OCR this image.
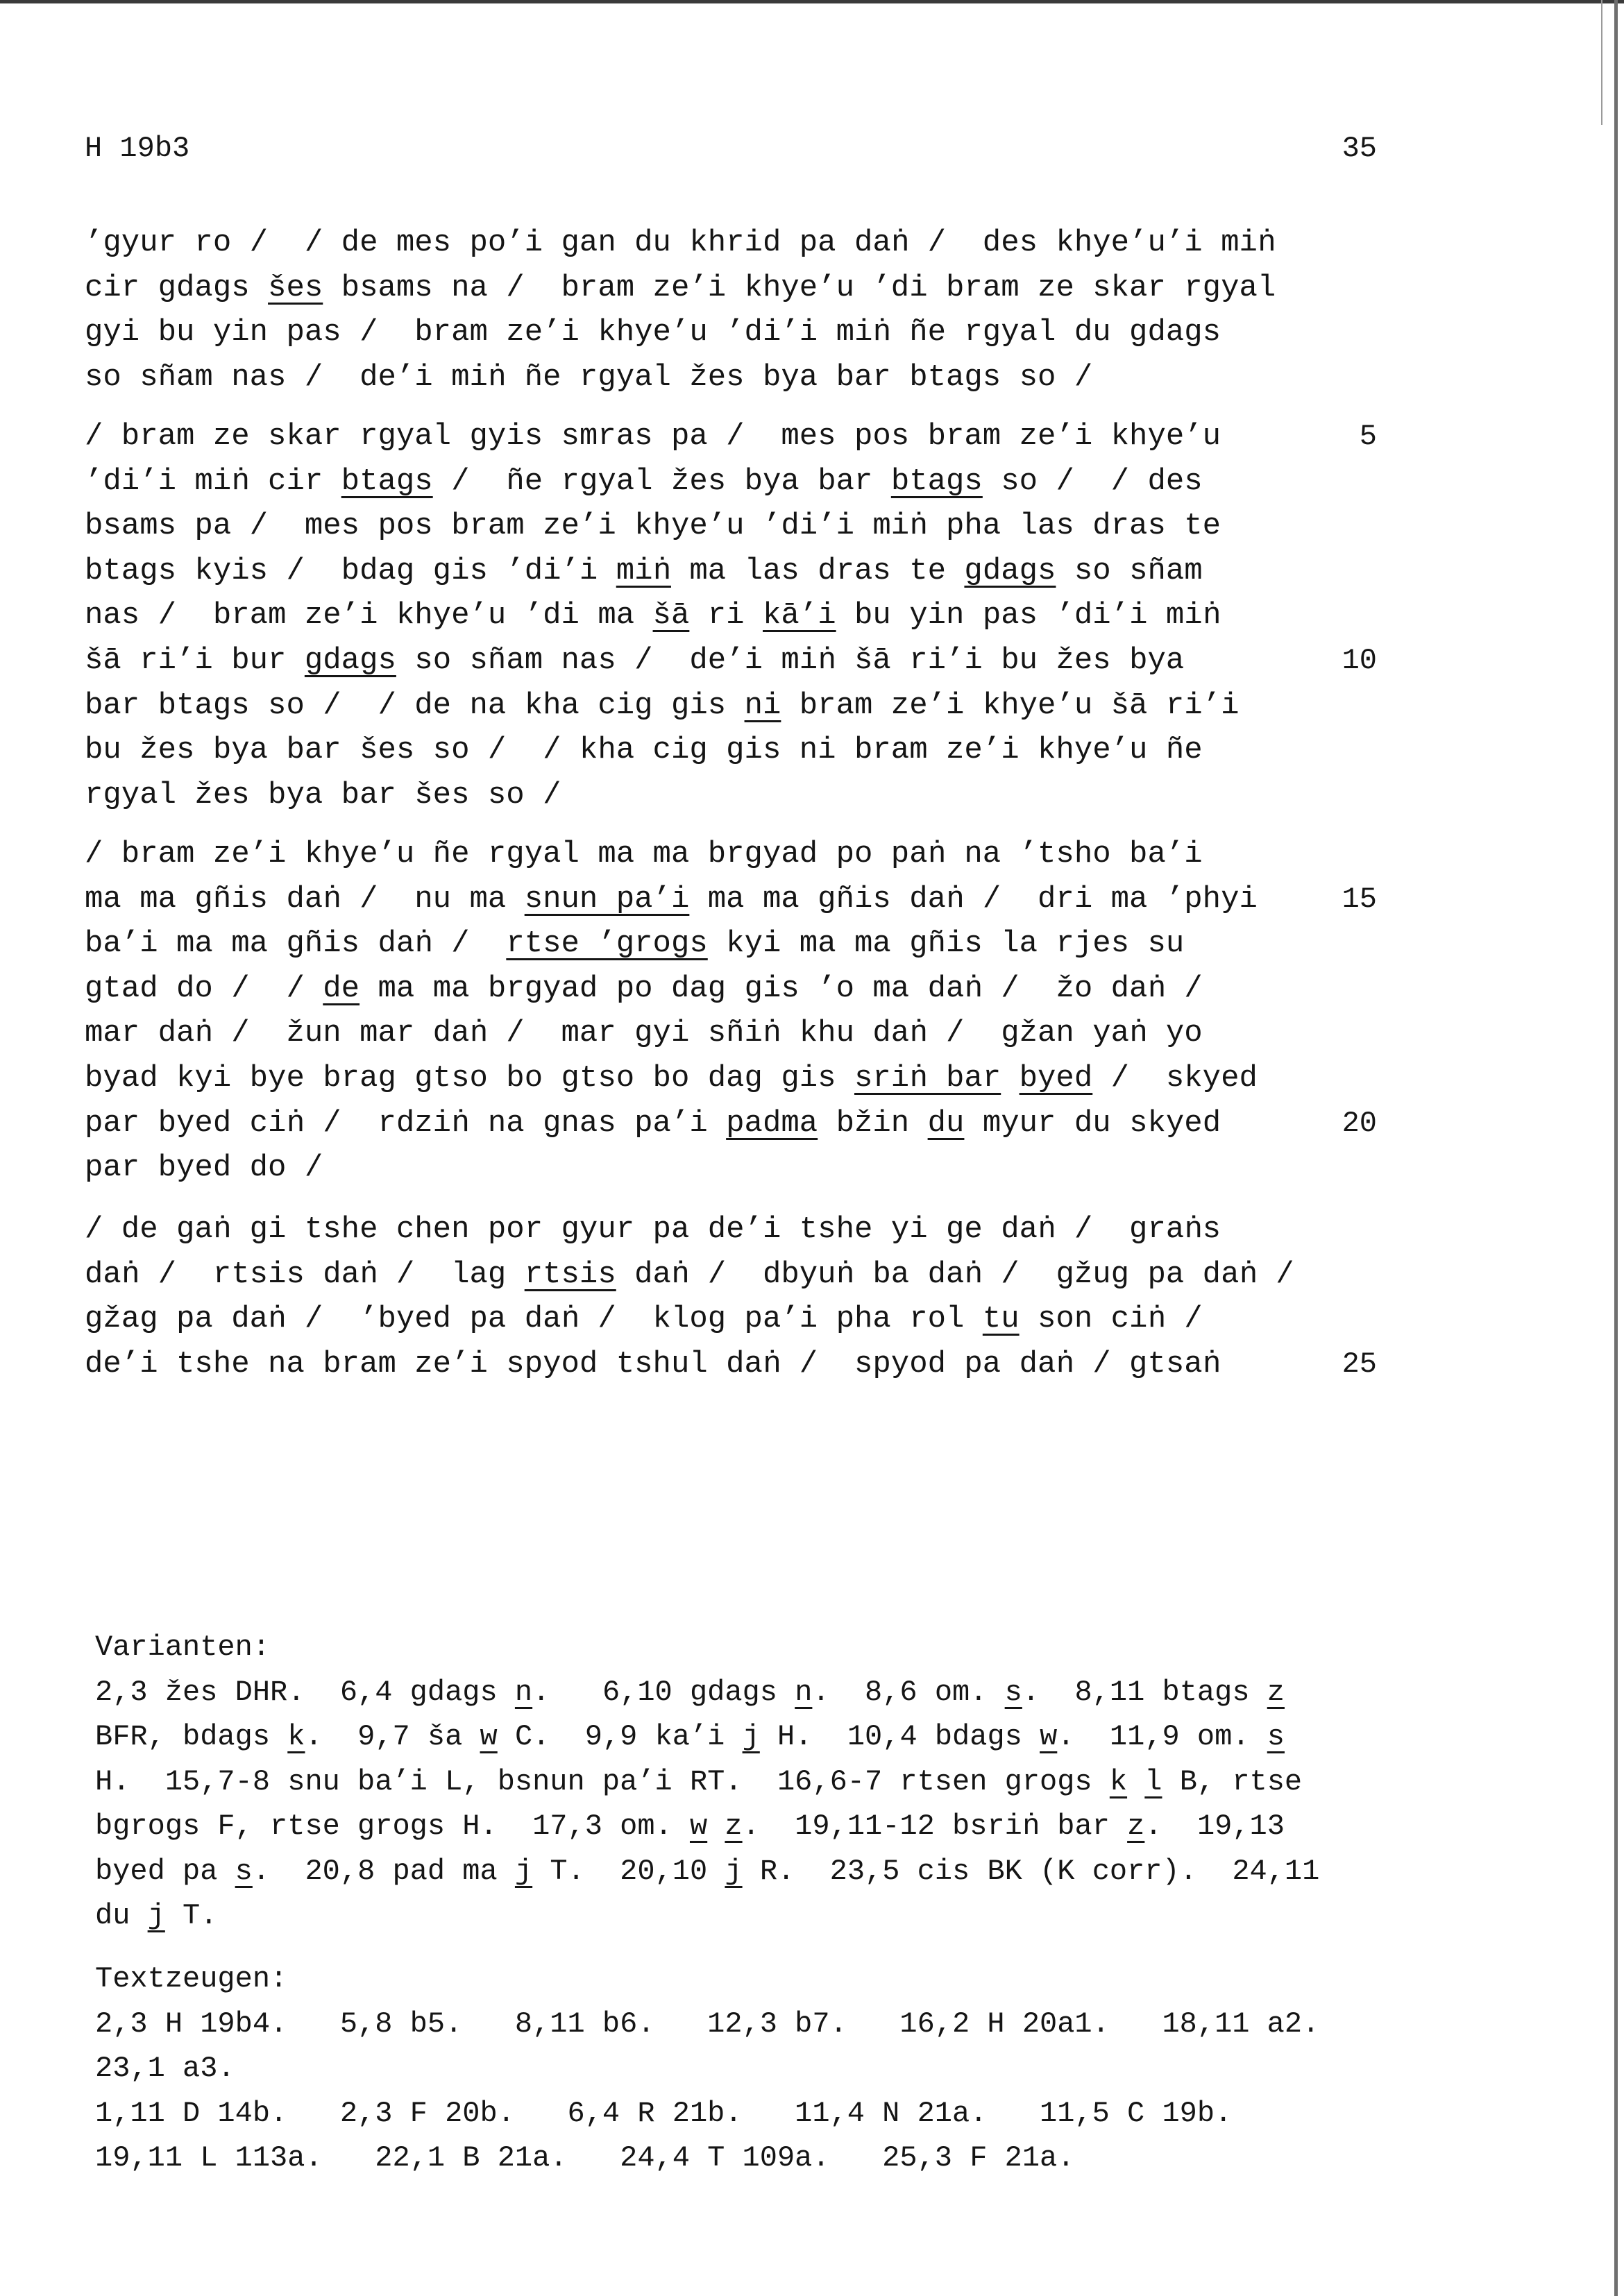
H 19b3	35
’gyur ro /  / de mes po’i gan du khrid pa daṅ /  des khye’u’i miṅ
cir gdags šes bsams na /  bram ze’i khye’u ’di bram ze skar rgyal
gyi bu yin pas /  bram ze’i khye’u ’di’i miṅ ñe rgyal du gdags
so sñam nas /  de’i miṅ ñe rgyal žes bya bar btags so /
/ bram ze skar rgyal gyis smras pa /  mes pos bram ze’i khye’u	5
’di’i miṅ cir btags /  ñe rgyal žes bya bar btags so /  / des
bsams pa /  mes pos bram ze’i khye’u ’di’i miṅ pha las dras te
btags kyis /  bdag gis ’di’i miṅ ma las dras te gdags so sñam
nas /  bram ze’i khye’u ’di ma šā ri kā’i bu yin pas ’di’i miṅ
šā ri’i bur gdags so sñam nas /  de’i miṅ šā ri’i bu žes bya	10
bar btags so /  / de na kha cig gis ni bram ze’i khye’u šā ri’i
bu žes bya bar šes so /  / kha cig gis ni bram ze’i khye’u ñe
rgyal žes bya bar šes so /
/ bram ze’i khye’u ñe rgyal ma ma brgyad po paṅ na ’tsho ba’i
ma ma gñis daṅ /  nu ma snun pa’i ma ma gñis daṅ /  dri ma ’phyi	15
ba’i ma ma gñis daṅ /  rtse ’grogs kyi ma ma gñis la rjes su
gtad do /  / de ma ma brgyad po dag gis ’o ma daṅ /  žo daṅ /
mar daṅ /  žun mar daṅ /  mar gyi sñiṅ khu daṅ /  gžan yaṅ yo
byad kyi bye brag gtso bo gtso bo dag gis sriṅ bar byed /  skyed
par byed ciṅ /  rdziṅ na gnas pa’i padma bžin du myur du skyed	20
par byed do /
/ de gaṅ gi tshe chen por gyur pa de’i tshe yi ge daṅ /  graṅs
daṅ /  rtsis daṅ /  lag rtsis daṅ /  dbyuṅ ba daṅ /  gžug pa daṅ /
gžag pa daṅ /  ’byed pa daṅ /  klog pa’i pha rol tu son ciṅ /
de’i tshe na bram ze’i spyod tshul daṅ /  spyod pa daṅ / gtsaṅ	25
Varianten:
2,3 žes DHR.  6,4 gdags n.   6,10 gdags n.  8,6 om. s.  8,11 btags z
BFR, bdags k.  9,7 ša w C.  9,9 ka’i j H.  10,4 bdags w.  11,9 om. s
H.  15,7-8 snu ba’i L, bsnun pa’i RT.  16,6-7 rtsen grogs k l B, rtse
bgrogs F, rtse grogs H.  17,3 om. w z.  19,11-12 bsriṅ bar z.  19,13
byed pa s.  20,8 pad ma j T.  20,10 j R.  23,5 cis BK (K corr).  24,11
du j T.
Textzeugen:
2,3 H 19b4.   5,8 b5.   8,11 b6.   12,3 b7.   16,2 H 20a1.   18,11 a2.
23,1 a3.
1,11 D 14b.   2,3 F 20b.   6,4 R 21b.   11,4 N 21a.   11,5 C 19b.
19,11 L 113a.   22,1 B 21a.   24,4 T 109a.   25,3 F 21a.
